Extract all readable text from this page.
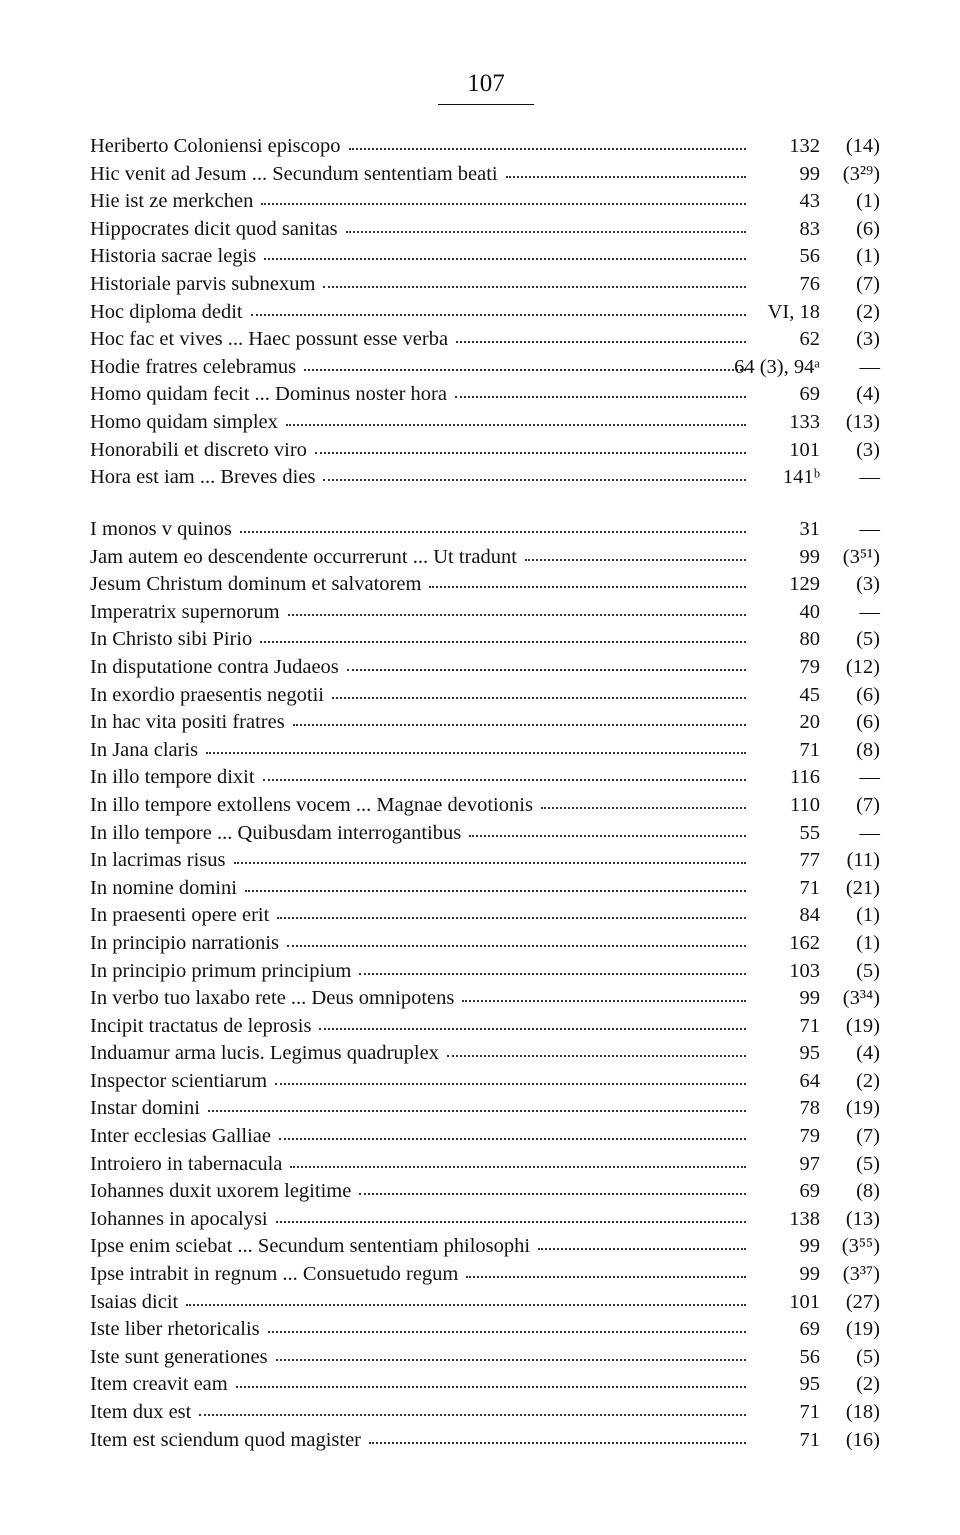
107
Heriberto Coloniensi episcopo	132	(14)
Hic venit ad Jesum ... Secundum sententiam beati	99	(3²⁹)
Hie ist ze merkchen	43	(1)
Hippocrates dicit quod sanitas	83	(6)
Historia sacrae legis	56	(1)
Historiale parvis subnexum	76	(7)
Hoc diploma dedit	VI, 18	(2)
Hoc fac et vives ... Haec possunt esse verba	62	(3)
Hodie fratres celebramus	64 (3), 94ᵃ	—
Homo quidam fecit ... Dominus noster hora	69	(4)
Homo quidam simplex	133	(13)
Honorabili et discreto viro	101	(3)
Hora est iam ... Breves dies	141ᵇ	—
I monos v quinos	31	—
Jam autem eo descendente occurrerunt ... Ut tradunt	99	(3⁵¹)
Jesum Christum dominum et salvatorem	129	(3)
Imperatrix supernorum	40	—
In Christo sibi Pirio	80	(5)
In disputatione contra Judaeos	79	(12)
In exordio praesentis negotii	45	(6)
In hac vita positi fratres	20	(6)
In Jana claris	71	(8)
In illo tempore dixit	116	—
In illo tempore extollens vocem ... Magnae devotionis	110	(7)
In illo tempore ... Quibusdam interrogantibus	55	—
In lacrimas risus	77	(11)
In nomine domini	71	(21)
In praesenti opere erit	84	(1)
In principio narrationis	162	(1)
In principio primum principium	103	(5)
In verbo tuo laxabo rete ... Deus omnipotens	99	(3³⁴)
Incipit tractatus de leprosis	71	(19)
Induamur arma lucis. Legimus quadruplex	95	(4)
Inspector scientiarum	64	(2)
Instar domini	78	(19)
Inter ecclesias Galliae	79	(7)
Introiero in tabernacula	97	(5)
Iohannes duxit uxorem legitime	69	(8)
Iohannes in apocalysi	138	(13)
Ipse enim sciebat ... Secundum sententiam philosophi	99	(3⁵⁵)
Ipse intrabit in regnum ... Consuetudo regum	99	(3³⁷)
Isaias dicit	101	(27)
Iste liber rhetoricalis	69	(19)
Iste sunt generationes	56	(5)
Item creavit eam	95	(2)
Item dux est	71	(18)
Item est sciendum quod magister	71	(16)
